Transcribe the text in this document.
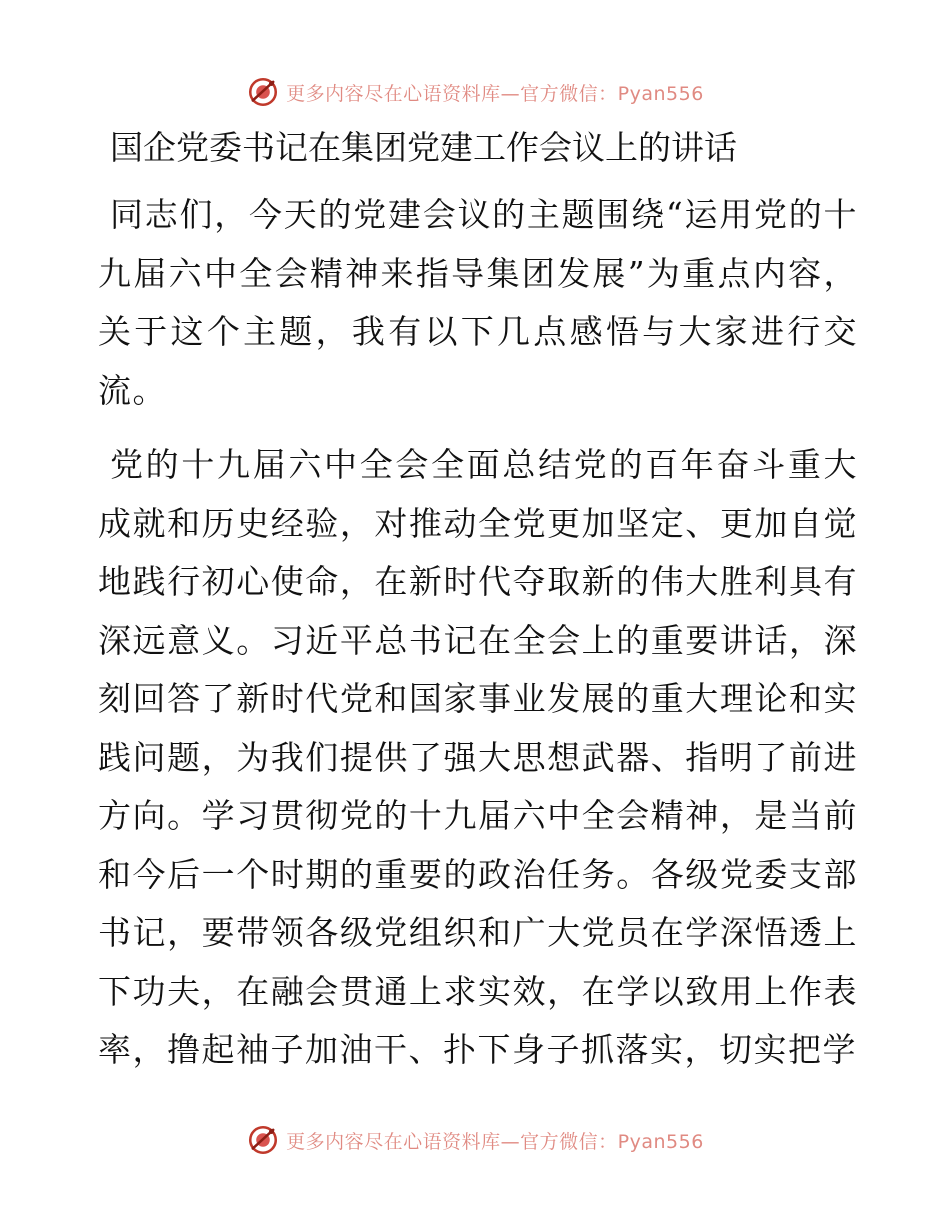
更多内容尽在心语资料库—官方微信：Pyan556
国企党委书记在集团党建工作会议上的讲话

同志们，今天的党建会议的主题围绕“运用党的十九届六中全会精神来指导集团发展”为重点内容，关于这个主题，我有以下几点感悟与大家进行交流。

党的十九届六中全会全面总结党的百年奋斗重大成就和历史经验，对推动全党更加坚定、更加自觉地践行初心使命，在新时代夺取新的伟大胜利具有深远意义。习近平总书记在全会上的重要讲话，深刻回答了新时代党和国家事业发展的重大理论和实践问题，为我们提供了强大思想武器、指明了前进方向。学习贯彻党的十九届六中全会精神，是当前和今后一个时期的重要的政治任务。各级党委支部书记，要带领各级党组织和广大党员在学深悟透上下功夫，在融会贯通上求实效，在学以致用上作表率，撸起袖子加油干、扑下身子抓落实，切实把学

更多内容尽在心语资料库—官方微信：Pyan556
